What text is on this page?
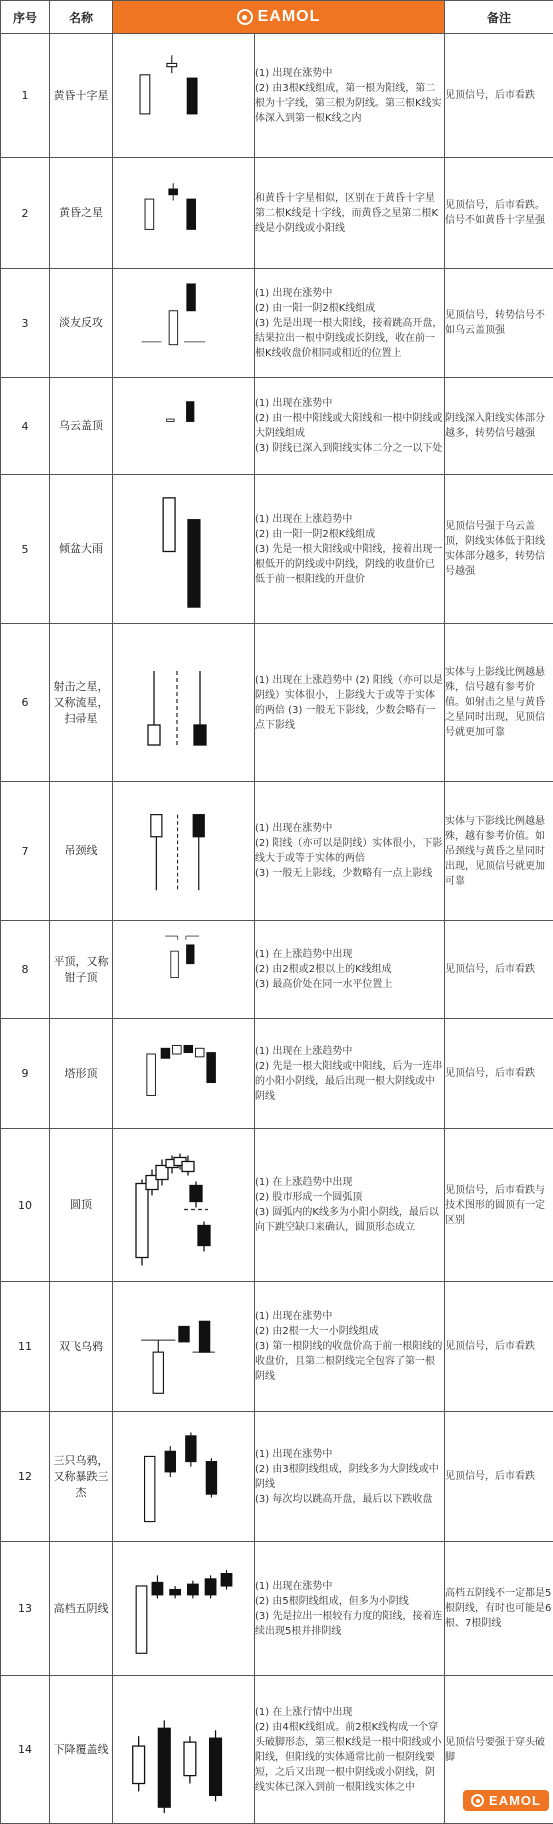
序号	名称	EAMOL		备注
1	黄昏十字星		(1) 出现在涨势中
(2) 由3根K线组成，第一根为阳线，第二根为十字线，第三根为阴线。第三根K线实体深入到第一根K线之内	见顶信号，后市看跌
2	黄昏之星		和黄昏十字星相似，区别在于黄昏十字星第二根K线是十字线，而黄昏之星第二根K线是小阴线或小阳线	见顶信号，后市看跌。信号不如黄昏十字星强
3	淡友反攻		(1) 出现在涨势中
(2) 由一阳一阴2根K线组成
(3) 先是出现一根大阳线，接着跳高开盘，结果拉出一根中阴线或长阴线，收在前一根K线收盘价相同或相近的位置上	见顶信号，转势信号不如乌云盖顶强
4	乌云盖顶		(1) 出现在涨势中
(2) 由一根中阳线或大阳线和一根中阴线或大阴线组成
(3) 阴线已深入到阳线实体二分之一以下处	阴线深入阳线实体部分越多，转势信号越强
5	倾盆大雨		(1) 出现在上涨趋势中
(2) 由一阳一阴2根K线组成
(3) 先是一根大阳线或中阳线，接着出现一根低开的阴线或中阴线，阴线的收盘价已低于前一根阳线的开盘价	见顶信号强于乌云盖顶，阴线实体低于阳线实体部分越多，转势信号越强
6	射击之星，又称流星，扫帚星		(1) 出现在上涨趋势中 (2) 阳线（亦可以是阴线）实体很小，上影线大于或等于实体的两倍 (3) 一般无下影线，少数会略有一点下影线	实体与上影线比例越悬殊，信号越有参考价值。如射击之星与黄昏之星同时出现，见顶信号就更加可靠
7	吊颈线		(1) 出现在涨势中
(2) 阳线（亦可以是阴线）实体很小，下影线大于或等于实体的两倍
(3) 一般无上影线，少数略有一点上影线	实体与下影线比例越悬殊，越有参考价值。如吊颈线与黄昏之星同时出现，见顶信号就更加可靠
8	平顶，又称钳子顶		(1) 在上涨趋势中出现
(2) 由2根或2根以上的K线组成
(3) 最高价处在同一水平位置上	见顶信号，后市看跌
9	塔形顶		(1) 出现在上涨趋势中
(2) 先是一根大阳线或中阳线，后为一连串的小阳小阴线，最后出现一根大阴线或中阴线	见顶信号，后市看跌
10	圆顶		(1) 在上涨趋势中出现
(2) 股市形成一个圆弧顶
(3) 圆弧内的K线多为小阳小阴线，最后以向下跳空缺口来确认，圆顶形态成立	见顶信号，后市看跌与技术图形的圆顶有一定区别
11	双飞乌鸦		(1) 出现在涨势中
(2) 由2根一大一小阴线组成
(3) 第一根阴线的收盘价高于前一根阳线的收盘价，且第二根阴线完全包容了第一根阴线	见顶信号，后市看跌
12	三只乌鸦，又称暴跌三杰		(1) 出现在涨势中
(2) 由3根阴线组成，阴线多为大阴线或中阴线
(3) 每次均以跳高开盘，最后以下跌收盘	见顶信号，后市看跌
13	高档五阴线		(1) 出现在涨势中
(2) 由5根阴线组成，但多为小阴线
(3) 先是拉出一根较有力度的阳线，接着连续出现5根并排阴线	高档五阴线不一定都是5根阴线，有时也可能是6根、7根阴线
14	下降覆盖线		(1) 在上涨行情中出现
(2) 由4根K线组成。前2根K线构成一个穿头破脚形态，第三根K线是一根中阳线或小阳线，但阳线的实体通常比前一根阴线要短，之后又出现一根中阴线或小阴线，阴线实体已深入到前一根阳线实体之中	见顶信号要强于穿头破脚
EAMOL
